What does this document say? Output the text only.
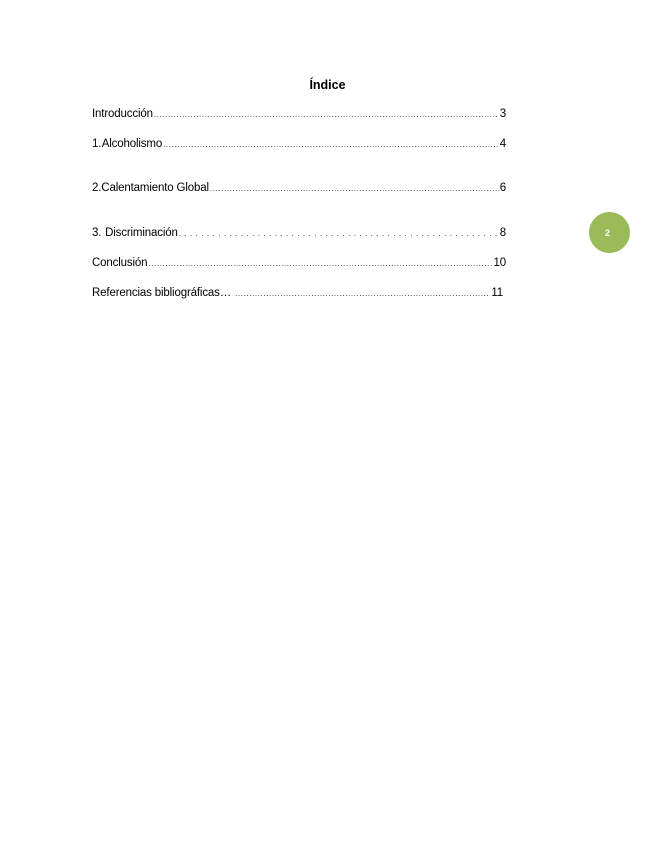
Índice
Introducción .....	3
1. Alcoholismo .....	4
2. Calentamiento Global .....	6
3. Discriminación . . .	8
Conclusión .....	10
Referencias bibliográficas… .....	11
2
